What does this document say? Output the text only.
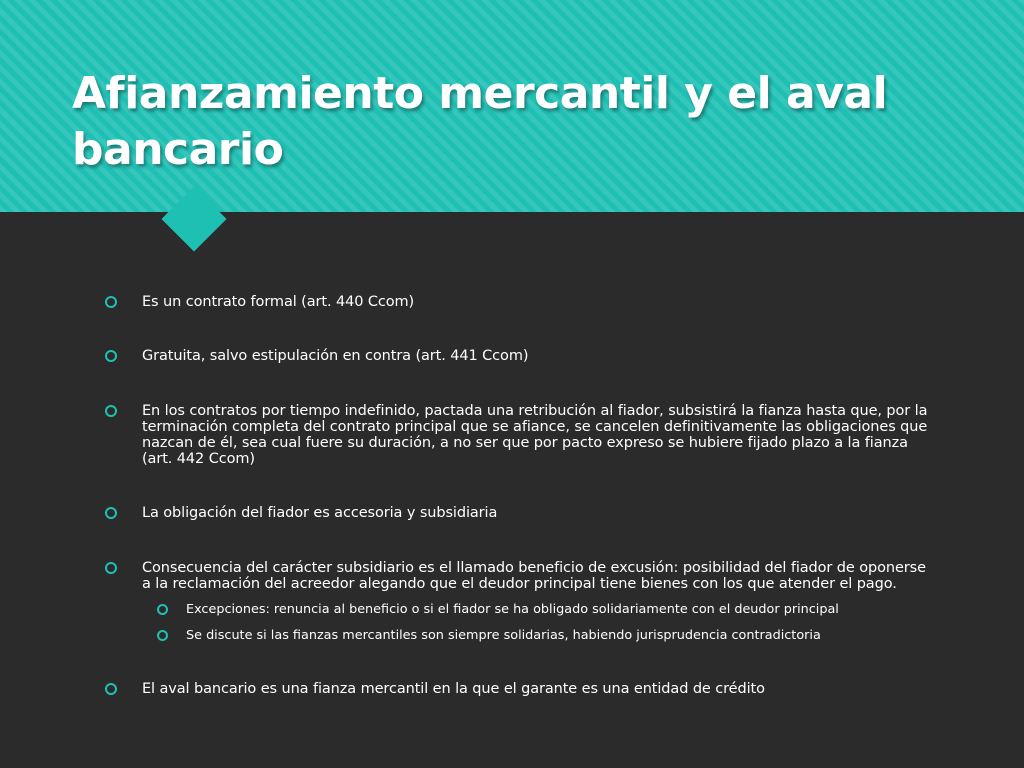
Afianzamiento mercantil y el aval bancario
Es un contrato formal (art. 440 Ccom)
Gratuita, salvo estipulación en contra (art. 441 Ccom)
En los contratos por tiempo indefinido, pactada una retribución al fiador, subsistirá la fianza hasta que, por la terminación completa del contrato principal que se afiance, se cancelen definitivamente las obligaciones que nazcan de él, sea cual fuere su duración, a no ser que por pacto expreso se hubiere fijado plazo a la fianza (art. 442 Ccom)
La obligación del fiador es accesoria y subsidiaria
Consecuencia del carácter subsidiario es el llamado beneficio de excusión: posibilidad del fiador de oponerse a la reclamación del acreedor alegando que el deudor principal tiene bienes con los que atender el pago.
Excepciones: renuncia al beneficio o si el fiador se ha obligado solidariamente con el deudor principal
Se discute si las fianzas mercantiles son siempre solidarias, habiendo jurisprudencia contradictoria
El aval bancario es una fianza mercantil en la que el garante es una entidad de crédito
